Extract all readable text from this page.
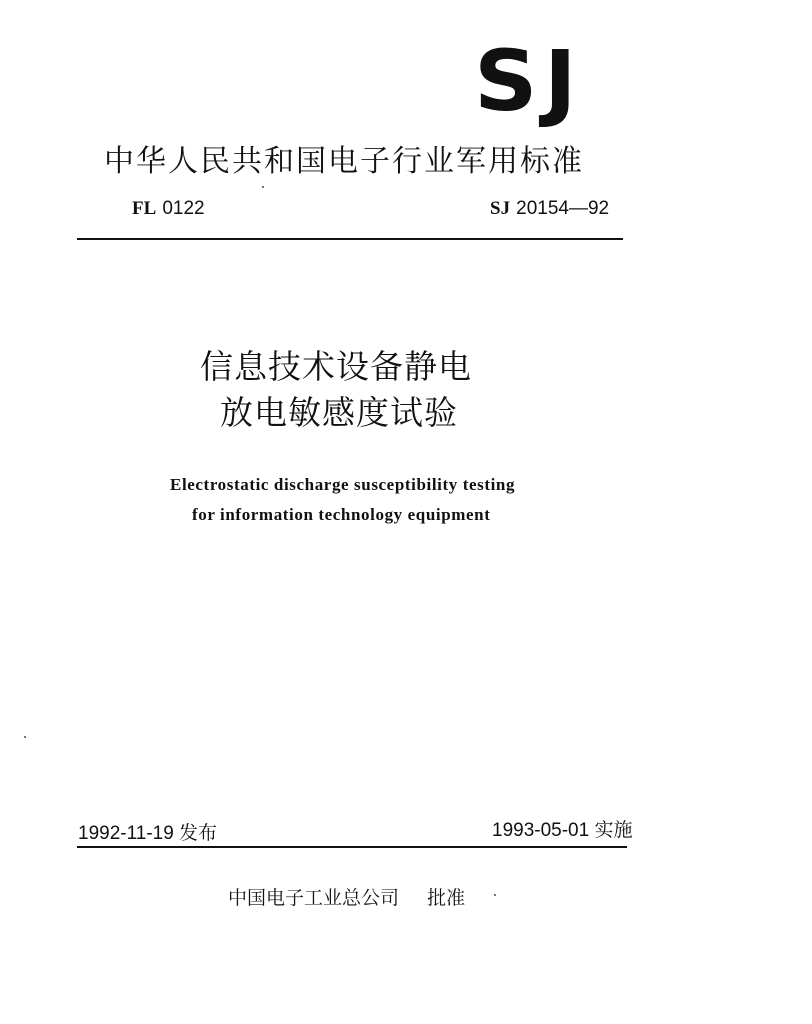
SJ
中华人民共和国电子行业军用标准
FL 0122	SJ 20154—92
信息技术设备静电
放电敏感度试验
Electrostatic discharge susceptibility testing
for information technology equipment
1992-11-19 发布	1993-05-01 实施
中国电子工业总公司 批准
